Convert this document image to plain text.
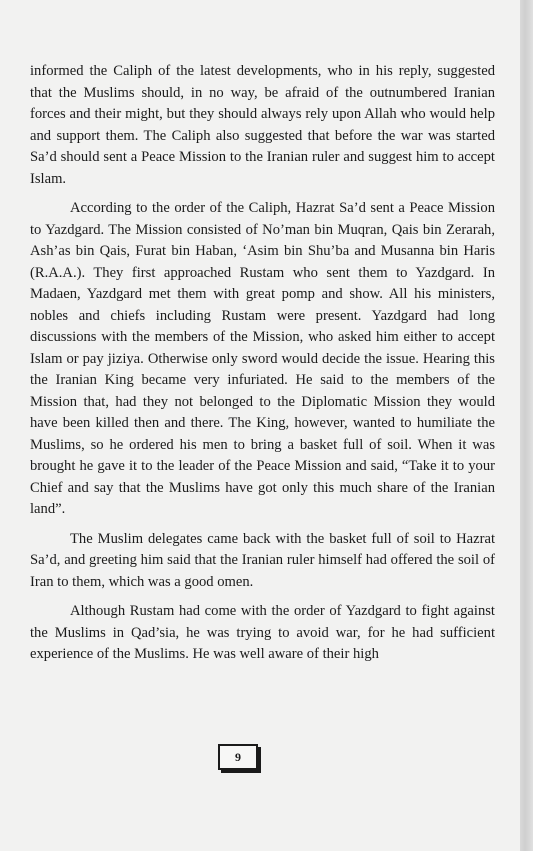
informed the Caliph of the latest developments, who in his reply, suggested that the Muslims should, in no way, be afraid of the outnumbered Iranian forces and their might, but they should always rely upon Allah who would help and support them. The Caliph also suggested that before the war was started Sa’d should sent a Peace Mission to the Iranian ruler and suggest him to accept Islam.

According to the order of the Caliph, Hazrat Sa’d sent a Peace Mission to Yazdgard. The Mission consisted of No’man bin Muqran, Qais bin Zerarah, Ash’as bin Qais, Furat bin Haban, ‘Asim bin Shu’ba and Musanna bin Haris (R.A.A.). They first approached Rustam who sent them to Yazdgard. In Madaen, Yazdgard met them with great pomp and show. All his ministers, nobles and chiefs including Rustam were present. Yazdgard had long discussions with the members of the Mission, who asked him either to accept Islam or pay jiziya. Otherwise only sword would decide the issue. Hearing this the Iranian King became very infuriated. He said to the members of the Mission that, had they not belonged to the Diplomatic Mission they would have been killed then and there. The King, however, wanted to humiliate the Muslims, so he ordered his men to bring a basket full of soil. When it was brought he gave it to the leader of the Peace Mission and said, “Take it to your Chief and say that the Muslims have got only this much share of the Iranian land”.

The Muslim delegates came back with the basket full of soil to Hazrat Sa’d, and greeting him said that the Iranian ruler himself had offered the soil of Iran to them, which was a good omen.

Although Rustam had come with the order of Yazdgard to fight against the Muslims in Qad’sia, he was trying to avoid war, for he had sufficient experience of the Muslims. He was well aware of their high

9
